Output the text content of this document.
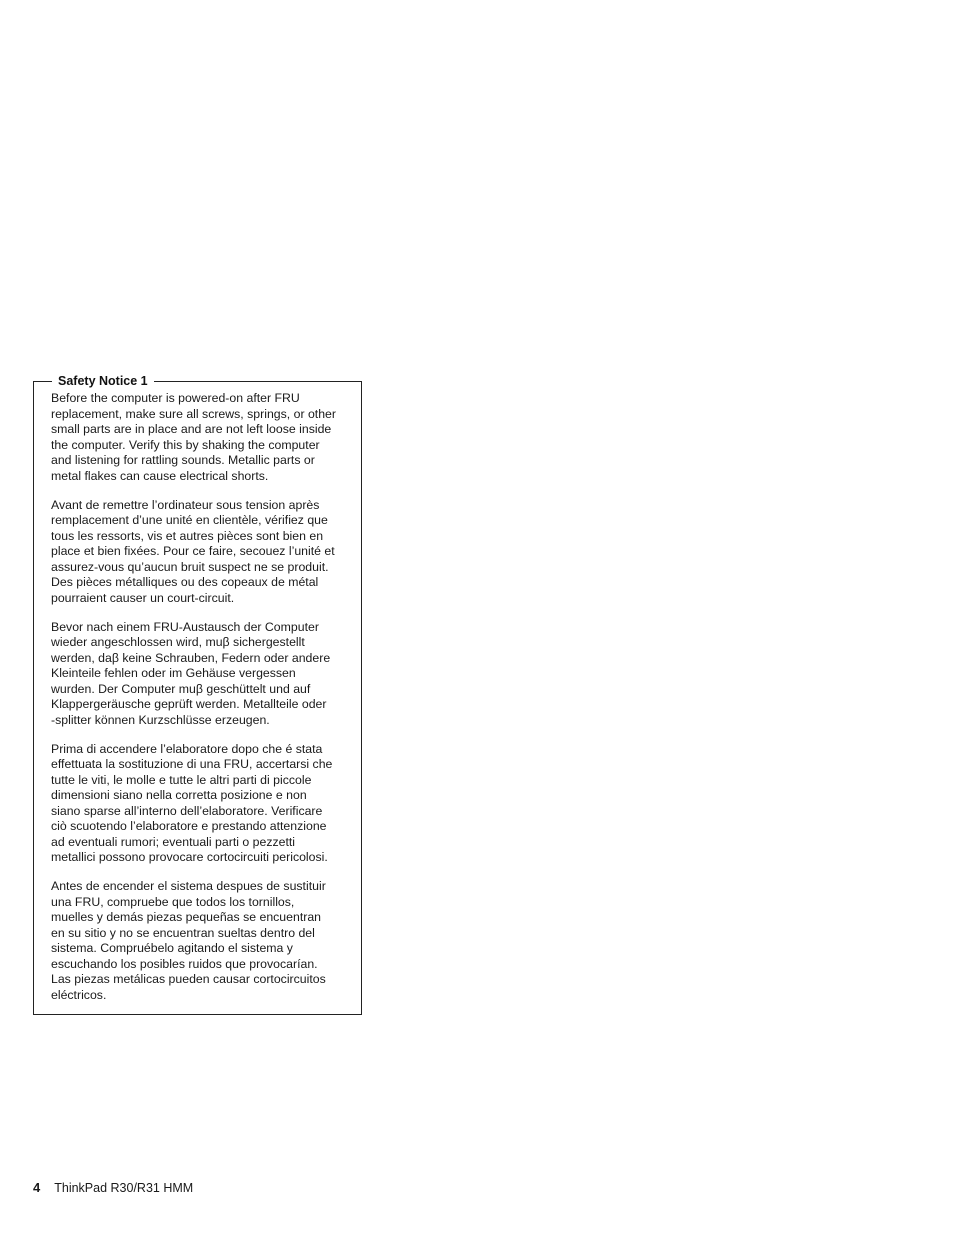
Safety Notice 1

Before the computer is powered-on after FRU
replacement, make sure all screws, springs, or other
small parts are in place and are not left loose inside
the computer. Verify this by shaking the computer
and listening for rattling sounds. Metallic parts or
metal flakes can cause electrical shorts.

Avant de remettre l’ordinateur sous tension après
remplacement d’une unité en clientèle, vérifiez que
tous les ressorts, vis et autres pièces sont bien en
place et bien fixées. Pour ce faire, secouez l’unité et
assurez-vous qu’aucun bruit suspect ne se produit.
Des pièces métalliques ou des copeaux de métal
pourraient causer un court-circuit.

Bevor nach einem FRU-Austausch der Computer
wieder angeschlossen wird, muβ sichergestellt
werden, daβ keine Schrauben, Federn oder andere
Kleinteile fehlen oder im Gehäuse vergessen
wurden. Der Computer muβ geschüttelt und auf
Klappergeräusche geprüft werden. Metallteile oder
-splitter können Kurzschlüsse erzeugen.

Prima di accendere l’elaboratore dopo che é stata
effettuata la sostituzione di una FRU, accertarsi che
tutte le viti, le molle e tutte le altri parti di piccole
dimensioni siano nella corretta posizione e non
siano sparse all’interno dell’elaboratore. Verificare
ciò scuotendo l’elaboratore e prestando attenzione
ad eventuali rumori; eventuali parti o pezzetti
metallici possono provocare cortocircuiti pericolosi.

Antes de encender el sistema despues de sustituir
una FRU, compruebe que todos los tornillos,
muelles y demás piezas pequeñas se encuentran
en su sitio y no se encuentran sueltas dentro del
sistema. Compruébelo agitando el sistema y
escuchando los posibles ruidos que provocarían.
Las piezas metálicas pueden causar cortocircuitos
eléctricos.

4 ThinkPad R30/R31 HMM
